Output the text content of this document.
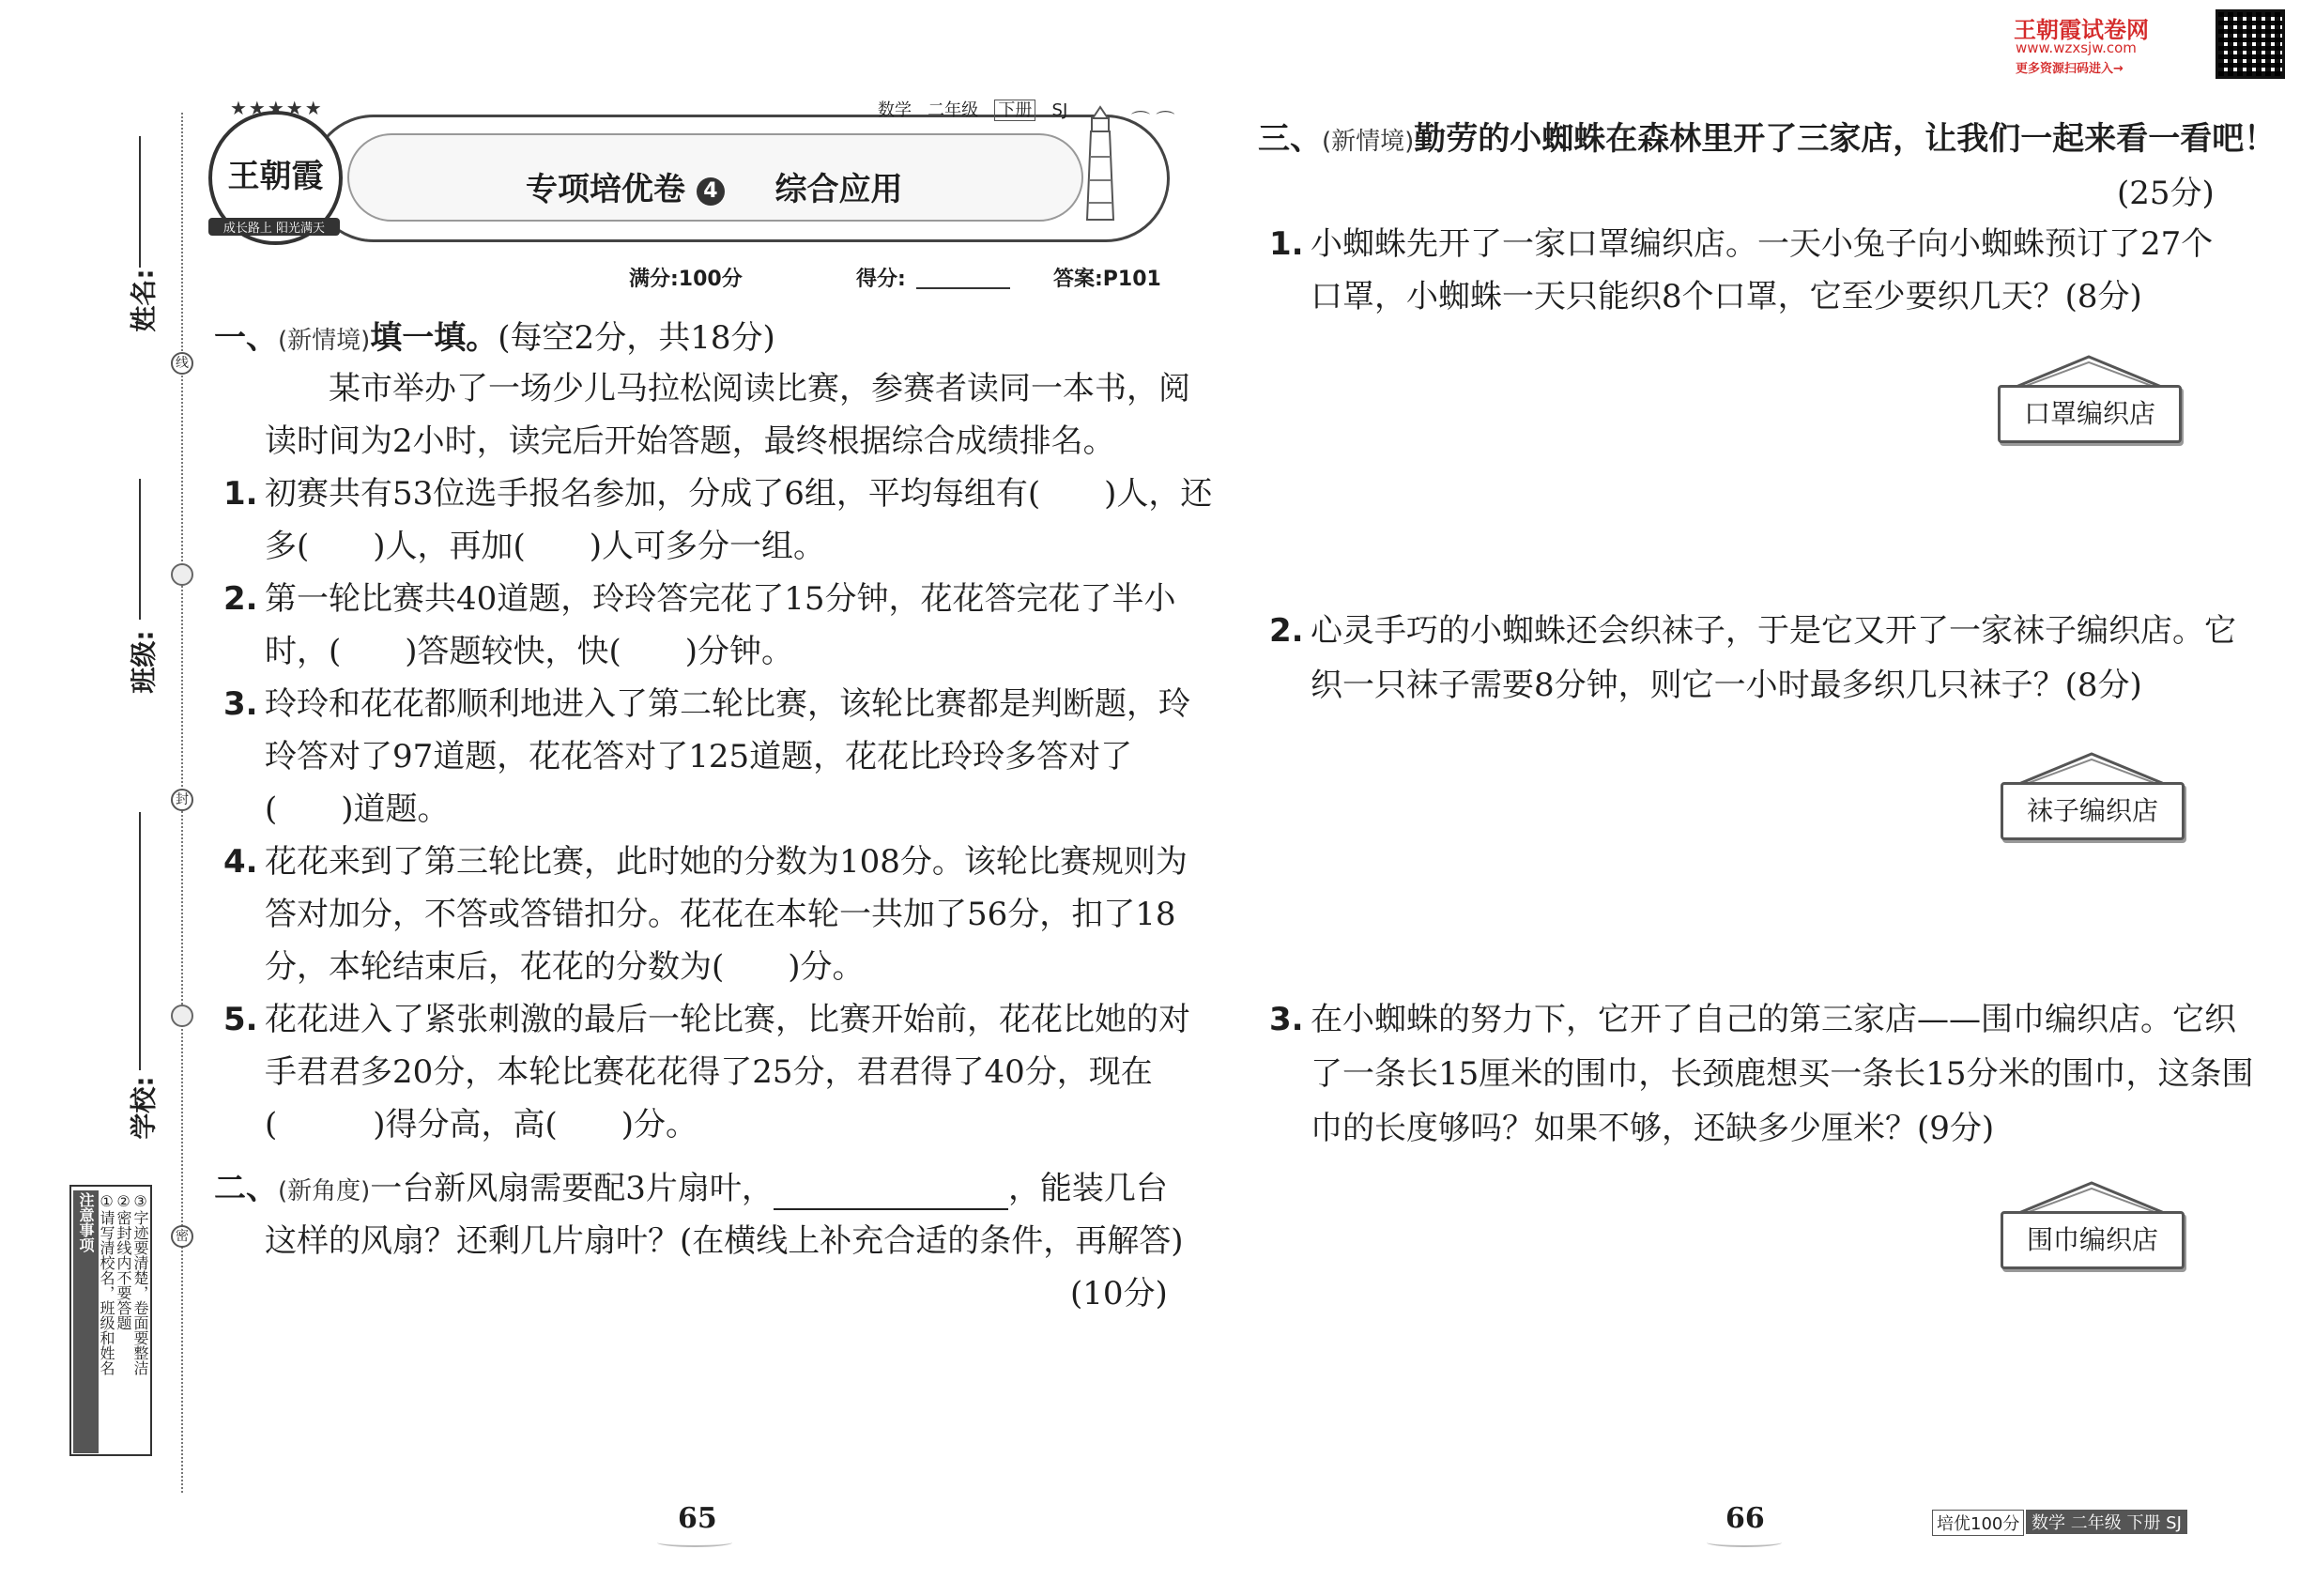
姓名:
班级:
学校:
线
封
密
注意事项 ①请写清校名，班级和姓名 ②密封线内不要答题 ③字迹要清楚，卷面要整洁
王朝霞
★★★★★
成长路上 阳光满天
数学 二年级 下册 SJ	⌒ ⌒
专项培优卷 4 综合应用
满分:100分	得分:	答案:P101
一、(新情境)填一填。(每空2分，共18分)
某市举办了一场少儿马拉松阅读比赛，参赛者读同一本书，阅
读时间为2小时，读完后开始答题，最终根据综合成绩排名。
1. 初赛共有53位选手报名参加，分成了6组，平均每组有(　　)人，还
多(　　)人，再加(　　)人可多分一组。
2. 第一轮比赛共40道题，玲玲答完花了15分钟，花花答完花了半小
时，(　　)答题较快，快(　　)分钟。
3. 玲玲和花花都顺利地进入了第二轮比赛，该轮比赛都是判断题，玲
玲答对了97道题，花花答对了125道题，花花比玲玲多答对了
(　　)道题。
4. 花花来到了第三轮比赛，此时她的分数为108分。该轮比赛规则为
答对加分，不答或答错扣分。花花在本轮一共加了56分，扣了18
分，本轮结束后，花花的分数为(　　)分。
5. 花花进入了紧张刺激的最后一轮比赛，比赛开始前，花花比她的对
手君君多20分，本轮比赛花花得了25分，君君得了40分，现在
(　　　)得分高，高(　　)分。
二、(新角度)一台新风扇需要配3片扇叶，	，能装几台
这样的风扇？还剩几片扇叶？(在横线上补充合适的条件，再解答)
(10分)
65
王朝霞试卷网
www.wzxsjw.com
更多资源扫码进入→
三、(新情境)勤劳的小蜘蛛在森林里开了三家店，让我们一起来看一看吧！
(25分)
1. 小蜘蛛先开了一家口罩编织店。一天小兔子向小蜘蛛预订了27个
口罩，小蜘蛛一天只能织8个口罩，它至少要织几天？(8分)
口罩编织店
2. 心灵手巧的小蜘蛛还会织袜子，于是它又开了一家袜子编织店。它
织一只袜子需要8分钟，则它一小时最多织几只袜子？(8分)
袜子编织店
3. 在小蜘蛛的努力下，它开了自己的第三家店——围巾编织店。它织
了一条长15厘米的围巾，长颈鹿想买一条长15分米的围巾，这条围
巾的长度够吗？如果不够，还缺多少厘米？(9分)
围巾编织店
66	培优100分 数学 二年级 下册 SJ
